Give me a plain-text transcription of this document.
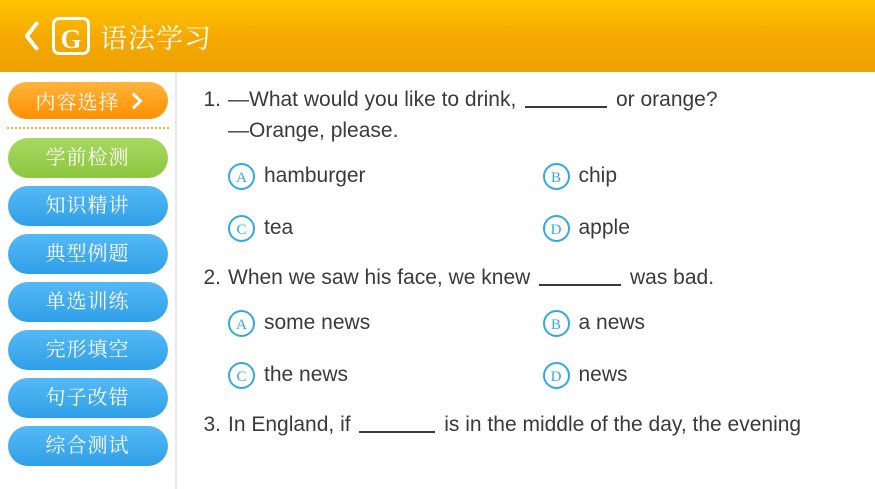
G 语法学习
内容选择
学前检测
知识精讲
典型例题
单选训练
完形填空
句子改错
综合测试
1. —What would you like to drink,	or orange?
—Orange, please.
A hamburger	B chip
C tea	D apple
2. When we saw his face, we knew	was bad.
A some news	B a news
C the news	D news
3. In England, if	is in the middle of the day, the evening
